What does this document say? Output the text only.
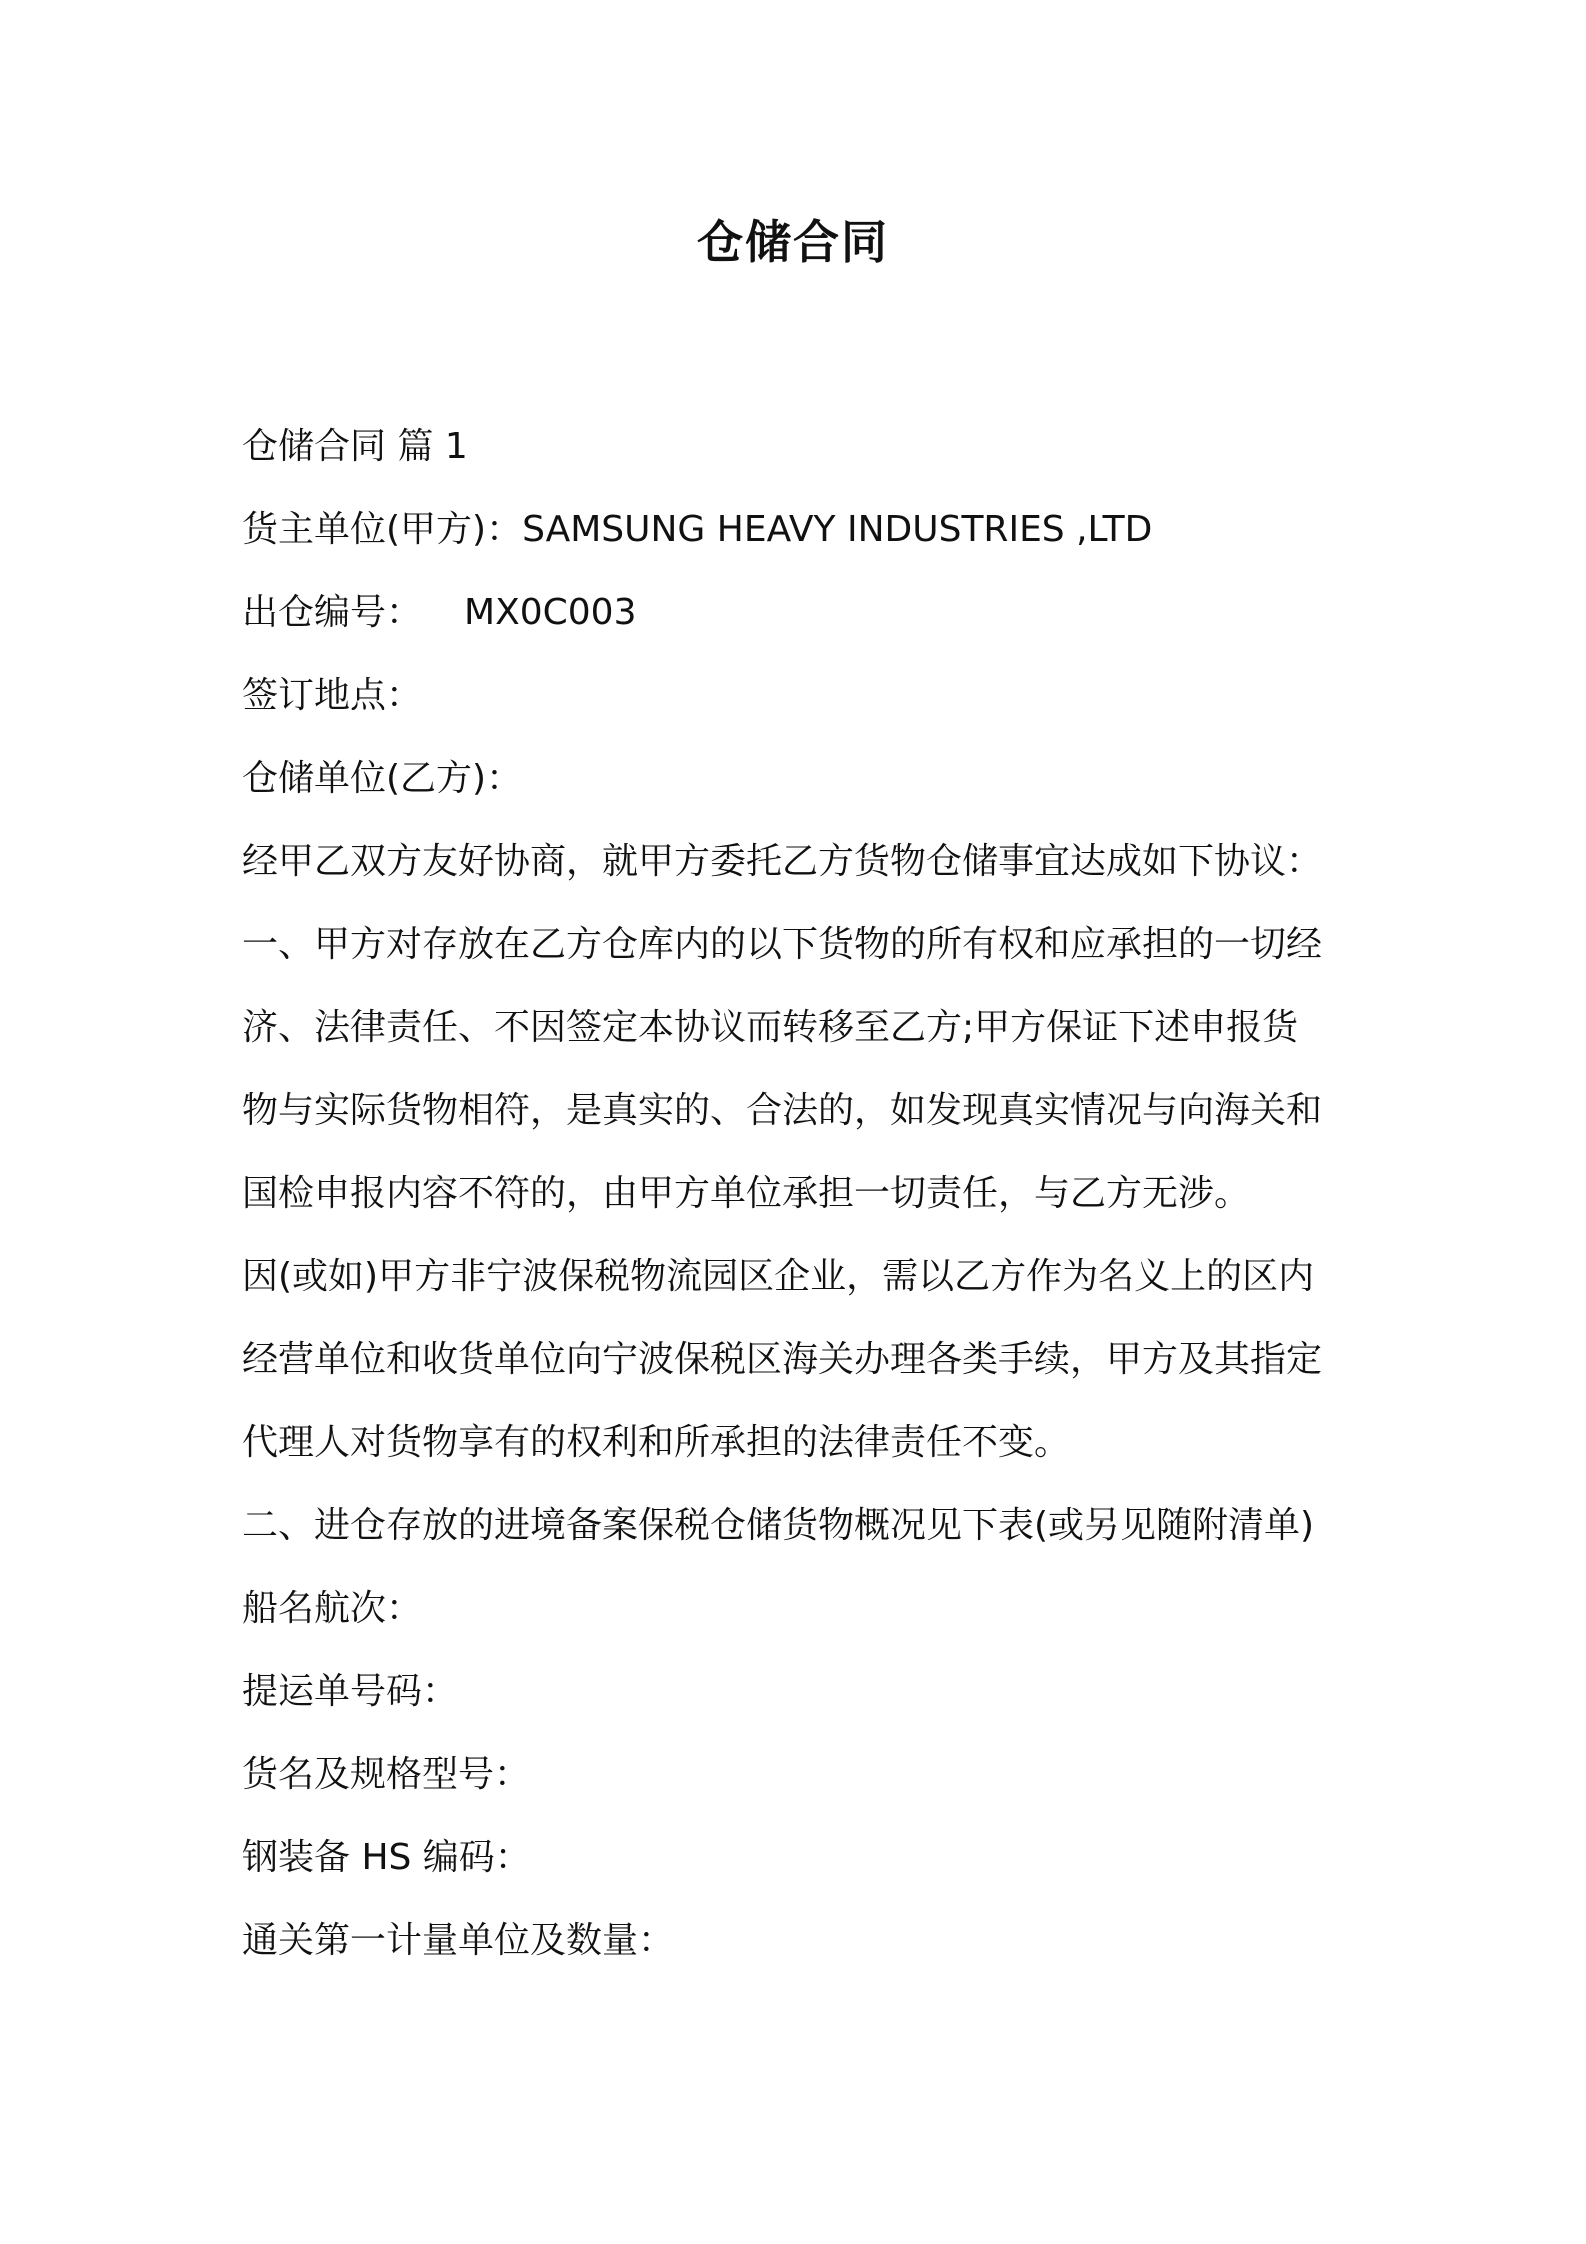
仓储合同

仓储合同 篇 1

货主单位(甲方)：SAMSUNG HEAVY INDUSTRIES ,LTD

出仓编号： MX0C003

签订地点：

仓储单位(乙方)：

经甲乙双方友好协商，就甲方委托乙方货物仓储事宜达成如下协议：

一、甲方对存放在乙方仓库内的以下货物的所有权和应承担的一切经

济、法律责任、不因签定本协议而转移至乙方;甲方保证下述申报货

物与实际货物相符，是真实的、合法的，如发现真实情况与向海关和

国检申报内容不符的，由甲方单位承担一切责任，与乙方无涉。

因(或如)甲方非宁波保税物流园区企业，需以乙方作为名义上的区内

经营单位和收货单位向宁波保税区海关办理各类手续，甲方及其指定

代理人对货物享有的权利和所承担的法律责任不变。

二、进仓存放的进境备案保税仓储货物概况见下表(或另见随附清单)

船名航次：

提运单号码：

货名及规格型号：

钢装备 HS 编码：

通关第一计量单位及数量：
